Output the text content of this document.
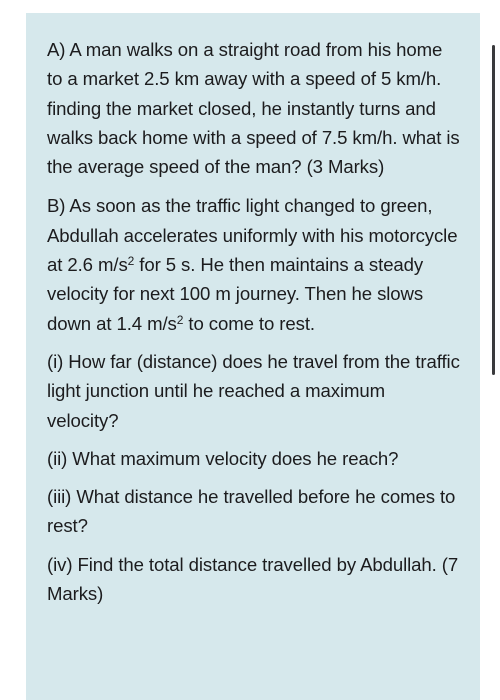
A) A man walks on a straight road from his home to a market 2.5 km away with a speed of 5 km/h. finding the market closed, he instantly turns and walks back home with a speed of 7.5 km/h. what is the average speed of the man? (3 Marks)

B) As soon as the traffic light changed to green, Abdullah accelerates uniformly with his motorcycle at 2.6 $m/s^2$ for 5 s. He then maintains a steady velocity for next 100 m journey. Then he slows down at 1.4 $m/s^2$ to come to rest.

(i) How far (distance) does he travel from the traffic light junction until he reached a maximum velocity?

(ii) What maximum velocity does he reach?

(iii) What distance he travelled before he comes to rest?

(iv) Find the total distance travelled by Abdullah. (7 Marks)
